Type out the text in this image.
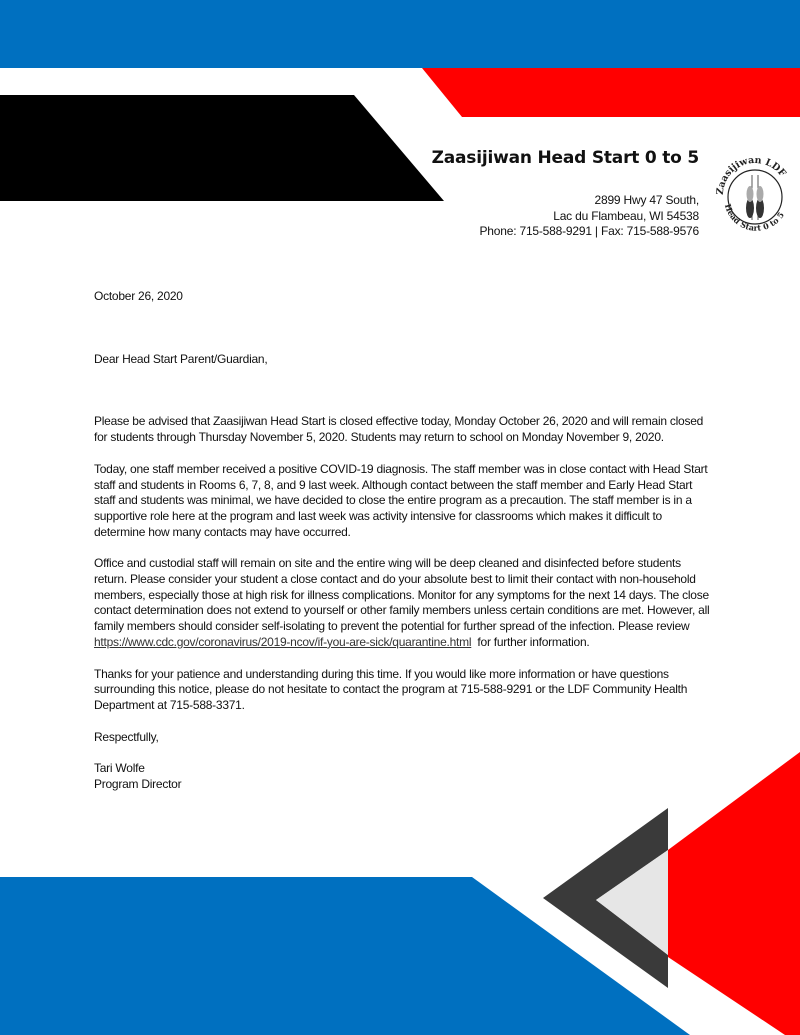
Zaasijiwan Head Start 0 to 5
2899 Hwy 47 South,
Lac du Flambeau, WI 54538
Phone: 715-588-9291 | Fax: 715-588-9576
Zaasijiwan LDF
Head Start 0 to 5

October 26, 2020

Dear Head Start Parent/Guardian,

Please be advised that Zaasijiwan Head Start is closed effective today, Monday October 26, 2020 and will remain closed for students through Thursday November 5, 2020. Students may return to school on Monday November 9, 2020.

Today, one staff member received a positive COVID-19 diagnosis. The staff member was in close contact with Head Start staff and students in Rooms 6, 7, 8, and 9 last week. Although contact between the staff member and Early Head Start staff and students was minimal, we have decided to close the entire program as a precaution. The staff member is in a supportive role here at the program and last week was activity intensive for classrooms which makes it difficult to determine how many contacts may have occurred.

Office and custodial staff will remain on site and the entire wing will be deep cleaned and disinfected before students return. Please consider your student a close contact and do your absolute best to limit their contact with non-household members, especially those at high risk for illness complications. Monitor for any symptoms for the next 14 days. The close contact determination does not extend to yourself or other family members unless certain conditions are met. However, all family members should consider self-isolating to prevent the potential for further spread of the infection. Please review https://www.cdc.gov/coronavirus/2019-ncov/if-you-are-sick/quarantine.html  for further information.

Thanks for your patience and understanding during this time. If you would like more information or have questions surrounding this notice, please do not hesitate to contact the program at 715-588-9291 or the LDF Community Health Department at 715-588-3371.

Respectfully,

Tari Wolfe

Program Director
